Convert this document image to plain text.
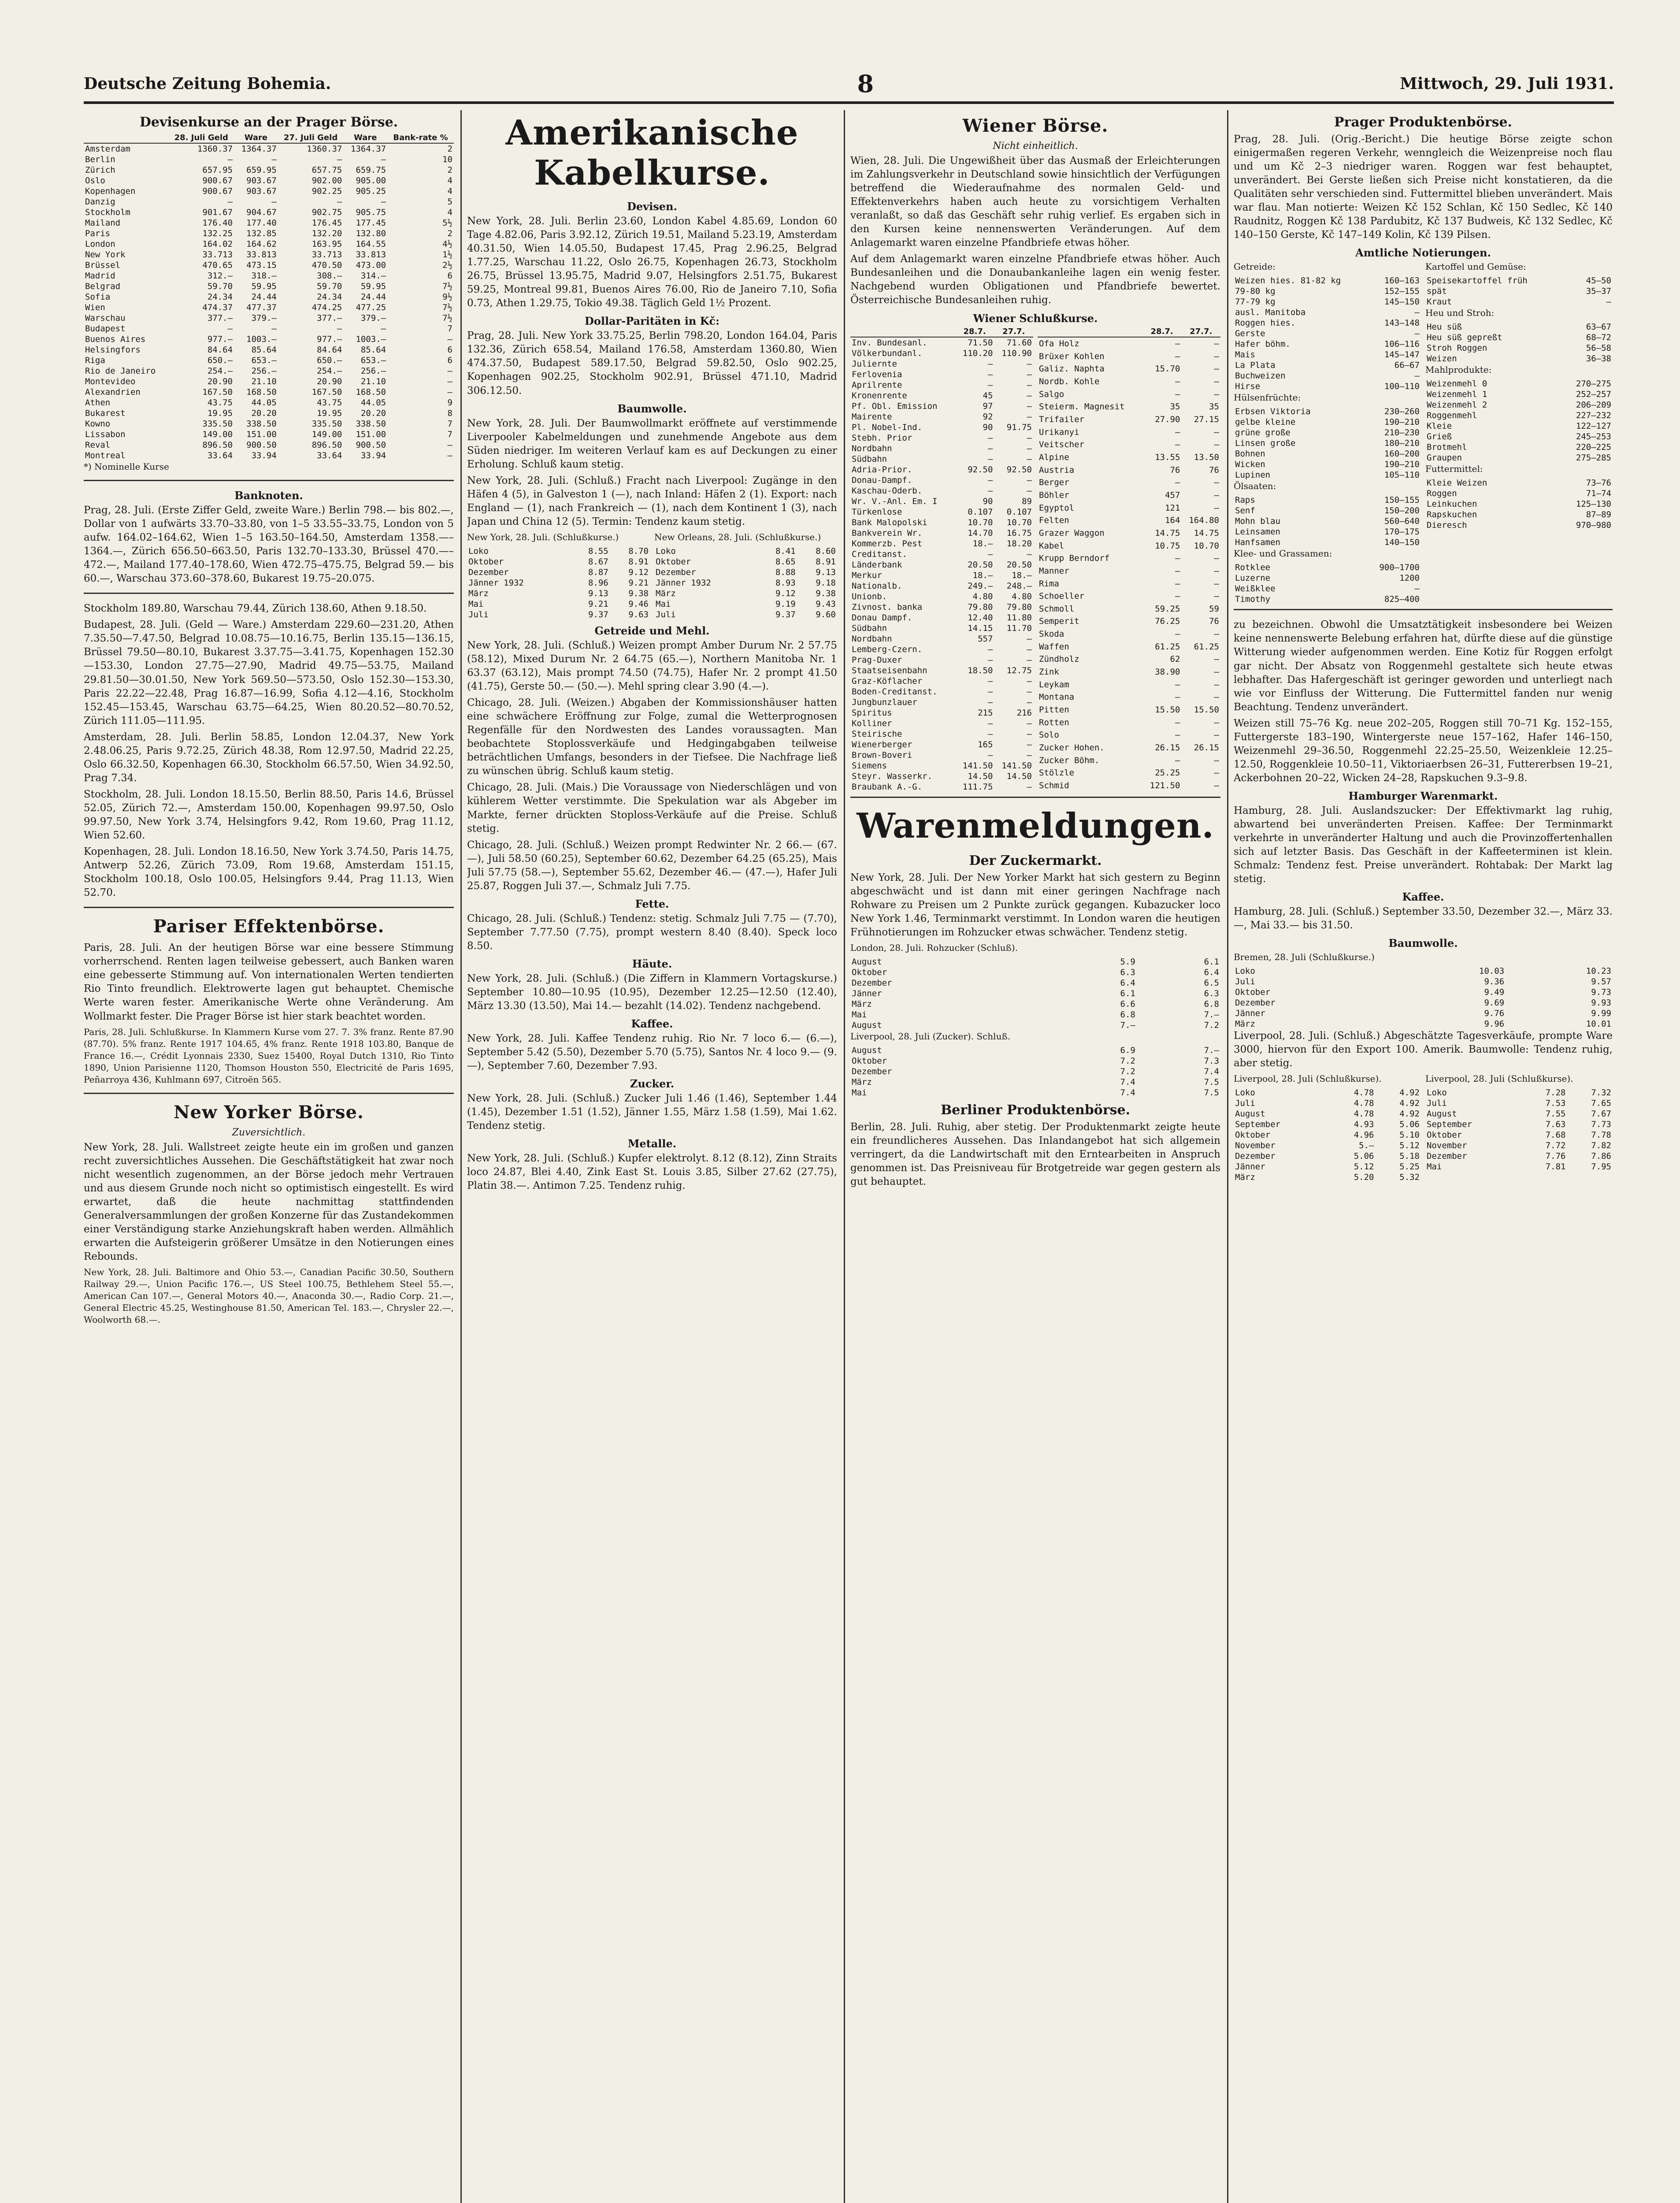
Deutsche Zeitung Bohemia.	8	Mittwoch, 29. Juli 1931.
Devisenkurse an der Prager Börse.
	28. Juli Geld	Ware	27. Juli Geld	Ware	Bank-rate %
Amsterdam	1360.37	1364.37	1360.37	1364.37	2
Berlin	—	—	—	—	10
Zürich	657.95	659.95	657.75	659.75	2
Oslo	900.67	903.67	902.00	905.00	4
Kopenhagen	900.67	903.67	902.25	905.25	4
Danzig	—	—	—	—	5
Stockholm	901.67	904.67	902.75	905.75	4
Mailand	176.40	177.40	176.45	177.45	5½
Paris	132.25	132.85	132.20	132.80	2
London	164.02	164.62	163.95	164.55	4½
New York	33.713	33.813	33.713	33.813	1½
Brüssel	470.65	473.15	470.50	473.00	2½
Madrid	312.—	318.—	308.—	314.—	6
Belgrad	59.70	59.95	59.70	59.95	7½
Sofia	24.34	24.44	24.34	24.44	9½
Wien	474.37	477.37	474.25	477.25	7½
Warschau	377.—	379.—	377.—	379.—	7½
Budapest	—	—	—	—	7
Buenos Aires	977.—	1003.—	977.—	1003.—	—
Helsingfors	84.64	85.64	84.64	85.64	6
Riga	650.—	653.—	650.—	653.—	6
Rio de Janeiro	254.—	256.—	254.—	256.—	—
Montevideo	20.90	21.10	20.90	21.10	—
Alexandrien	167.50	168.50	167.50	168.50	—
Athen	43.75	44.05	43.75	44.05	9
Bukarest	19.95	20.20	19.95	20.20	8
Kowno	335.50	338.50	335.50	338.50	7
Lissabon	149.00	151.00	149.00	151.00	7
Reval	896.50	900.50	896.50	900.50	—
Montreal	33.64	33.94	33.64	33.94	—

*) Nominelle Kurse

Banknoten.

Prag, 28. Juli. (Erste Ziffer Geld, zweite Ware.) Berlin 798.— bis 802.—, Dollar von 1 aufwärts 33.70–33.80, von 1–5 33.55–33.75, London von 5 aufw. 164.02–164.62, Wien 1–5 163.50–164.50, Amsterdam 1358.—–1364.—, Zürich 656.50–663.50, Paris 132.70–133.30, Brüssel 470.—–472.—, Mailand 177.40–178.60, Wien 472.75–475.75, Belgrad 59.— bis 60.—, Warschau 373.60–378.60, Bukarest 19.75–20.075.

Stockholm 189.80, Warschau 79.44, Zürich 138.60, Athen 9.18.50.

Budapest, 28. Juli. (Geld — Ware.) Amsterdam 229.60—231.20, Athen 7.35.50—7.47.50, Belgrad 10.08.75—10.16.75, Berlin 135.15—136.15, Brüssel 79.50—80.10, Bukarest 3.37.75—3.41.75, Kopenhagen 152.30—153.30, London 27.75—27.90, Madrid 49.75—53.75, Mailand 29.81.50—30.01.50, New York 569.50—573.50, Oslo 152.30—153.30, Paris 22.22—22.48, Prag 16.87—16.99, Sofia 4.12—4.16, Stockholm 152.45—153.45, Warschau 63.75—64.25, Wien 80.20.52—80.70.52, Zürich 111.05—111.95.

Amsterdam, 28. Juli. Berlin 58.85, London 12.04.37, New York 2.48.06.25, Paris 9.72.25, Zürich 48.38, Rom 12.97.50, Madrid 22.25, Oslo 66.32.50, Kopenhagen 66.30, Stockholm 66.57.50, Wien 34.92.50, Prag 7.34.

Stockholm, 28. Juli. London 18.15.50, Berlin 88.50, Paris 14.6, Brüssel 52.05, Zürich 72.—, Amsterdam 150.00, Kopenhagen 99.97.50, Oslo 99.97.50, New York 3.74, Helsingfors 9.42, Rom 19.60, Prag 11.12, Wien 52.60.

Kopenhagen, 28. Juli. London 18.16.50, New York 3.74.50, Paris 14.75, Antwerp 52.26, Zürich 73.09, Rom 19.68, Amsterdam 151.15, Stockholm 100.18, Oslo 100.05, Helsingfors 9.44, Prag 11.13, Wien 52.70.

Pariser Effektenbörse.

Paris, 28. Juli. An der heutigen Börse war eine bessere Stimmung vorherrschend. Renten lagen teilweise gebessert, auch Banken waren eine gebesserte Stimmung auf. Von internationalen Werten tendierten Rio Tinto freundlich. Elektrowerte lagen gut behauptet. Chemische Werte waren fester. Amerikanische Werte ohne Veränderung. Am Wollmarkt fester. Die Prager Börse ist hier stark beachtet worden.

Paris, 28. Juli. Schlußkurse. In Klammern Kurse vom 27. 7. 3% franz. Rente 87.90 (87.70). 5% franz. Rente 1917 104.65, 4% franz. Rente 1918 103.80, Banque de France 16.—, Crédit Lyonnais 2330, Suez 15400, Royal Dutch 1310, Rio Tinto 1890, Union Parisienne 1120, Thomson Houston 550, Electricité de Paris 1695, Peñarroya 436, Kuhlmann 697, Citroën 565.

New Yorker Börse.
Zuversichtlich.

New York, 28. Juli. Wallstreet zeigte heute ein im großen und ganzen recht zuversichtliches Aussehen. Die Geschäftstätigkeit hat zwar noch nicht wesentlich zugenommen, an der Börse jedoch mehr Vertrauen und aus diesem Grunde noch nicht so optimistisch eingestellt. Es wird erwartet, daß die heute nachmittag stattfindenden Generalversammlungen der großen Konzerne für das Zustandekommen einer Verständigung starke Anziehungskraft haben werden. Allmählich erwarten die Aufsteigerin größerer Umsätze in den Notierungen eines Rebounds.

New York, 28. Juli. Baltimore and Ohio 53.—, Canadian Pacific 30.50, Southern Railway 29.—, Union Pacific 176.—, US Steel 100.75, Bethlehem Steel 55.—, American Can 107.—, General Motors 40.—, Anaconda 30.—, Radio Corp. 21.—, General Electric 45.25, Westinghouse 81.50, American Tel. 183.—, Chrysler 22.—, Woolworth 68.—.

Amerikanische Kabelkurse.
Devisen.

New York, 28. Juli. Berlin 23.60, London Kabel 4.85.69, London 60 Tage 4.82.06, Paris 3.92.12, Zürich 19.51, Mailand 5.23.19, Amsterdam 40.31.50, Wien 14.05.50, Budapest 17.45, Prag 2.96.25, Belgrad 1.77.25, Warschau 11.22, Oslo 26.75, Kopenhagen 26.73, Stockholm 26.75, Brüssel 13.95.75, Madrid 9.07, Helsingfors 2.51.75, Bukarest 59.25, Montreal 99.81, Buenos Aires 76.00, Rio de Janeiro 7.10, Sofia 0.73, Athen 1.29.75, Tokio 49.38. Täglich Geld 1½ Prozent.

Dollar-Paritäten in Kč:

Prag, 28. Juli. New York 33.75.25, Berlin 798.20, London 164.04, Paris 132.36, Zürich 658.54, Mailand 176.58, Amsterdam 1360.80, Wien 474.37.50, Budapest 589.17.50, Belgrad 59.82.50, Oslo 902.25, Kopenhagen 902.25, Stockholm 902.91, Brüssel 471.10, Madrid 306.12.50.

Baumwolle.

New York, 28. Juli. Der Baumwollmarkt eröffnete auf verstimmende Liverpooler Kabelmeldungen und zunehmende Angebote aus dem Süden niedriger. Im weiteren Verlauf kam es auf Deckungen zu einer Erholung. Schluß kaum stetig.

New York, 28. Juli. (Schluß.) Fracht nach Liverpool: Zugänge in den Häfen 4 (5), in Galveston 1 (—), nach Inland: Häfen 2 (1). Export: nach England — (1), nach Frankreich — (1), nach dem Kontinent 1 (3), nach Japan und China 12 (5). Termin: Tendenz kaum stetig.

New York, 28. Juli. (Schlußkurse.)

Loko	8.55	8.70
Oktober	8.67	8.91
Dezember	8.87	9.12
Jänner 1932	8.96	9.21
März	9.13	9.38
Mai	9.21	9.46
Juli	9.37	9.63

New Orleans, 28. Juli. (Schlußkurse.)

Loko	8.41	8.60
Oktober	8.65	8.91
Dezember	8.88	9.13
Jänner 1932	8.93	9.18
März	9.12	9.38
Mai	9.19	9.43
Juli	9.37	9.60
Getreide und Mehl.

New York, 28. Juli. (Schluß.) Weizen prompt Amber Durum Nr. 2 57.75 (58.12), Mixed Durum Nr. 2 64.75 (65.—), Northern Manitoba Nr. 1 63.37 (63.12), Mais prompt 74.50 (74.75), Hafer Nr. 2 prompt 41.50 (41.75), Gerste 50.— (50.—). Mehl spring clear 3.90 (4.—).

Chicago, 28. Juli. (Weizen.) Abgaben der Kommissionshäuser hatten eine schwächere Eröffnung zur Folge, zumal die Wetterprognosen Regenfälle für den Nordwesten des Landes voraussagten. Man beobachtete Stoplossverkäufe und Hedgingabgaben teilweise beträchtlichen Umfangs, besonders in der Tiefsee. Die Nachfrage ließ zu wünschen übrig. Schluß kaum stetig.

Chicago, 28. Juli. (Mais.) Die Voraussage von Niederschlägen und von kühlerem Wetter verstimmte. Die Spekulation war als Abgeber im Markte, ferner drückten Stoploss-Verkäufe auf die Preise. Schluß stetig.

Chicago, 28. Juli. (Schluß.) Weizen prompt Redwinter Nr. 2 66.— (67.—), Juli 58.50 (60.25), September 60.62, Dezember 64.25 (65.25), Mais Juli 57.75 (58.—), September 55.62, Dezember 46.— (47.—), Hafer Juli 25.87, Roggen Juli 37.—, Schmalz Juli 7.75.

Fette.

Chicago, 28. Juli. (Schluß.) Tendenz: stetig. Schmalz Juli 7.75 — (7.70), September 7.77.50 (7.75), prompt western 8.40 (8.40). Speck loco 8.50.

Häute.

New York, 28. Juli. (Schluß.) (Die Ziffern in Klammern Vortagskurse.) September 10.80—10.95 (10.95), Dezember 12.25—12.50 (12.40), März 13.30 (13.50), Mai 14.— bezahlt (14.02). Tendenz nachgebend.

Kaffee.

New York, 28. Juli. Kaffee Tendenz ruhig. Rio Nr. 7 loco 6.— (6.—), September 5.42 (5.50), Dezember 5.70 (5.75), Santos Nr. 4 loco 9.— (9.—), September 7.60, Dezember 7.93.

Zucker.

New York, 28. Juli. (Schluß.) Zucker Juli 1.46 (1.46), September 1.44 (1.45), Dezember 1.51 (1.52), Jänner 1.55, März 1.58 (1.59), Mai 1.62. Tendenz stetig.

Metalle.

New York, 28. Juli. (Schluß.) Kupfer elektrolyt. 8.12 (8.12), Zinn Straits loco 24.87, Blei 4.40, Zink East St. Louis 3.85, Silber 27.62 (27.75), Platin 38.—. Antimon 7.25. Tendenz ruhig.

Wiener Börse.
Nicht einheitlich.

Wien, 28. Juli. Die Ungewißheit über das Ausmaß der Erleichterungen im Zahlungsverkehr in Deutschland sowie hinsichtlich der Verfügungen betreffend die Wiederaufnahme des normalen Geld- und Effektenverkehrs haben auch heute zu vorsichtigem Verhalten veranlaßt, so daß das Geschäft sehr ruhig verlief. Es ergaben sich in den Kursen keine nennenswerten Veränderungen. Auf dem Anlagemarkt waren einzelne Pfandbriefe etwas höher.

Auf dem Anlagemarkt waren einzelne Pfandbriefe etwas höher. Auch Bundesanleihen und die Donaubankanleihe lagen ein wenig fester. Nachgebend wurden Obligationen und Pfandbriefe bewertet. Österreichische Bundesanleihen ruhig.

Wiener Schlußkurse.
	28.7.	27.7.
Inv. Bundesanl.	71.50	71.60
Völkerbundanl.	110.20	110.90
Juliernte	—	—
Ferlovenia	—	—
Aprilrente	—	—
Kronenrente	45	—
Pf. Obl. Emission	97	—
Mairente	92	—
Pl. Nobel-Ind.	90	91.75
Stebh. Prior	—	—
Nordbahn	—	—
Südbahn	—	—
Adria-Prior.	92.50	92.50
Donau-Dampf.	—	—
Kaschau-Oderb.	—	—
Wr. V.-Anl. Em. I	90	89
Türkenlose	0.107	0.107
Bank Malopolski	10.70	10.70
Bankverein Wr.	14.70	16.75
Kommerzb. Pest	18.—	18.20
Creditanst.	—	—
Länderbank	20.50	20.50
Merkur	18.—	18.—
Nationalb.	249.—	248.—
Unionb.	4.80	4.80
Zivnost. banka	79.80	79.80
Donau Dampf.	12.40	11.80
Südbahn	14.15	11.70
Nordbahn	557	—
Lemberg-Czern.	—	—
Prag-Duxer	—	—
Staatseisenbahn	18.50	12.75
Graz-Köflacher	—	—
Boden-Creditanst.	—	—
Jungbunzlauer	—	—
Spiritus	215	216
Kolliner	—	—
Steirische	—	—
Wienerberger	165	—
Brown-Boveri	—	—
Siemens	141.50	141.50
Steyr. Wasserkr.	14.50	14.50
Braubank A.-G.	111.75	—
	28.7.	27.7.
Ofa Holz	—	—
Brüxer Kohlen	—	—
Galiz. Naphta	15.70	—
Nordb. Kohle	—	—
Salgo	—	—
Steierm. Magnesit	35	35
Trifailer	27.90	27.15
Urikanyi	—	—
Veitscher	—	—
Alpine	13.55	13.50
Austria	76	76
Berger	—	—
Böhler	457	—
Egyptol	121	—
Felten	164	164.80
Grazer Waggon	14.75	14.75
Kabel	10.75	10.70
Krupp Berndorf	—	—
Manner	—	—
Rima	—	—
Schoeller	—	—
Schmoll	59.25	59
Semperit	76.25	76
Skoda	—	—
Waffen	61.25	61.25
Zündholz	62	—
Zink	38.90	—
Leykam	—	—
Montana	—	—
Pitten	15.50	15.50
Rotten	—	—
Solo	—	—
Zucker Hohen.	26.15	26.15
Zucker Böhm.	—	—
Stölzle	25.25	—
Schmid	121.50	—
Warenmeldungen.
Der Zuckermarkt.

New York, 28. Juli. Der New Yorker Markt hat sich gestern zu Beginn abgeschwächt und ist dann mit einer geringen Nachfrage nach Rohware zu Preisen um 2 Punkte zurück gegangen. Kubazucker loco New York 1.46, Terminmarkt verstimmt. In London waren die heutigen Frühnotierungen im Rohzucker etwas schwächer. Tendenz stetig.

London, 28. Juli. Rohzucker (Schluß).

August	5.9	6.1
Oktober	6.3	6.4
Dezember	6.4	6.5
Jänner	6.1	6.3
März	6.6	6.8
Mai	6.8	7.—
August	7.—	7.2

Liverpool, 28. Juli (Zucker). Schluß.

August	6.9	7.—
Oktober	7.2	7.3
Dezember	7.2	7.4
März	7.4	7.5
Mai	7.4	7.5
Berliner Produktenbörse.

Berlin, 28. Juli. Ruhig, aber stetig. Der Produktenmarkt zeigte heute ein freundlicheres Aussehen. Das Inlandangebot hat sich allgemein verringert, da die Landwirtschaft mit den Erntearbeiten in Anspruch genommen ist. Das Preisniveau für Brotgetreide war gegen gestern als gut behauptet.

Prager Produktenbörse.

Prag, 28. Juli. (Orig.-Bericht.) Die heutige Börse zeigte schon einigermaßen regeren Verkehr, wenngleich die Weizenpreise noch flau und um Kč 2–3 niedriger waren. Roggen war fest behauptet, unverändert. Bei Gerste ließen sich Preise nicht konstatieren, da die Qualitäten sehr verschieden sind. Futtermittel blieben unverändert. Mais war flau. Man notierte: Weizen Kč 152 Schlan, Kč 150 Sedlec, Kč 140 Raudnitz, Roggen Kč 138 Pardubitz, Kč 137 Budweis, Kč 132 Sedlec, Kč 140–150 Gerste, Kč 147–149 Kolin, Kč 139 Pilsen.

Amtliche Notierungen.

Getreide:

Weizen hies. 81-82 kg	160—163
79-80 kg	152—155
77-79 kg	145—150
ausl. Manitoba	—
Roggen hies.	143—148
Gerste	—
Hafer böhm.	106—116
Mais	145—147
La Plata	66—67
Buchweizen	—
Hirse	100—110

Hülsenfrüchte:

Erbsen Viktoria	230—260
gelbe kleine	190—210
grüne große	210—230
Linsen große	180—210
Bohnen	160—200
Wicken	190—210
Lupinen	105—110

Ölsaaten:

Raps	150—155
Senf	150—200
Mohn blau	560—640
Leinsamen	170—175
Hanfsamen	140—150

Klee- und Grassamen:

Rotklee	900—1700
Luzerne	1200
Weißklee	—
Timothy	825—400

Kartoffel und Gemüse:

Speisekartoffel früh	45—50
spät	35—37
Kraut	—

Heu und Stroh:

Heu süß	63—67
Heu süß gepreßt	68—72
Stroh Roggen	56—58
Weizen	36—38

Mahlprodukte:

Weizenmehl 0	270—275
Weizenmehl 1	252—257
Weizenmehl 2	206—209
Roggenmehl	227—232
Kleie	122—127
Grieß	245—253
Brotmehl	220—225
Graupen	275—285

Futtermittel:

Kleie Weizen	73—76
Roggen	71—74
Leinkuchen	125—130
Rapskuchen	87—89
Dieresch	970—980

zu bezeichnen. Obwohl die Umsatztätigkeit insbesondere bei Weizen keine nennenswerte Belebung erfahren hat, dürfte diese auf die günstige Witterung wieder aufgenommen werden. Eine Kotiz für Roggen erfolgt gar nicht. Der Absatz von Roggenmehl gestaltete sich heute etwas lebhafter. Das Hafergeschäft ist geringer geworden und unterliegt nach wie vor Einfluss der Witterung. Die Futtermittel fanden nur wenig Beachtung. Tendenz unverändert.

Weizen still 75–76 Kg. neue 202–205, Roggen still 70–71 Kg. 152–155, Futtergerste 183–190, Wintergerste neue 157–162, Hafer 146–150, Weizenmehl 29–36.50, Roggenmehl 22.25–25.50, Weizenkleie 12.25–12.50, Roggenkleie 10.50–11, Viktoriaerbsen 26–31, Futtererbsen 19–21, Ackerbohnen 20–22, Wicken 24–28, Rapskuchen 9.3–9.8.

Hamburger Warenmarkt.

Hamburg, 28. Juli. Auslandszucker: Der Effektivmarkt lag ruhig, abwartend bei unveränderten Preisen. Kaffee: Der Terminmarkt verkehrte in unveränderter Haltung und auch die Provinzoffertenhallen sich auf letzter Basis. Das Geschäft in der Kaffeeterminen ist klein. Schmalz: Tendenz fest. Preise unverändert. Rohtabak: Der Markt lag stetig.

Kaffee.

Hamburg, 28. Juli. (Schluß.) September 33.50, Dezember 32.—, März 33.—, Mai 33.— bis 31.50.

Baumwolle.

Bremen, 28. Juli (Schlußkurse.)

Loko	10.03	10.23
Juli	9.36	9.57
Oktober	9.49	9.73
Dezember	9.69	9.93
Jänner	9.76	9.99
März	9.96	10.01

Liverpool, 28. Juli. (Schluß.) Abgeschätzte Tagesverkäufe, prompte Ware 3000, hiervon für den Export 100. Amerik. Baumwolle: Tendenz ruhig, aber stetig.

Liverpool, 28. Juli (Schlußkurse).

Loko	4.78	4.92
Juli	4.78	4.92
August	4.78	4.92
September	4.93	5.06
Oktober	4.96	5.10
November	5.—	5.12
Dezember	5.06	5.18
Jänner	5.12	5.25
März	5.20	5.32

Liverpool, 28. Juli (Schlußkurse).

Loko	7.28	7.32
Juli	7.53	7.65
August	7.55	7.67
September	7.63	7.73
Oktober	7.68	7.78
November	7.72	7.82
Dezember	7.76	7.86
Mai	7.81	7.95
